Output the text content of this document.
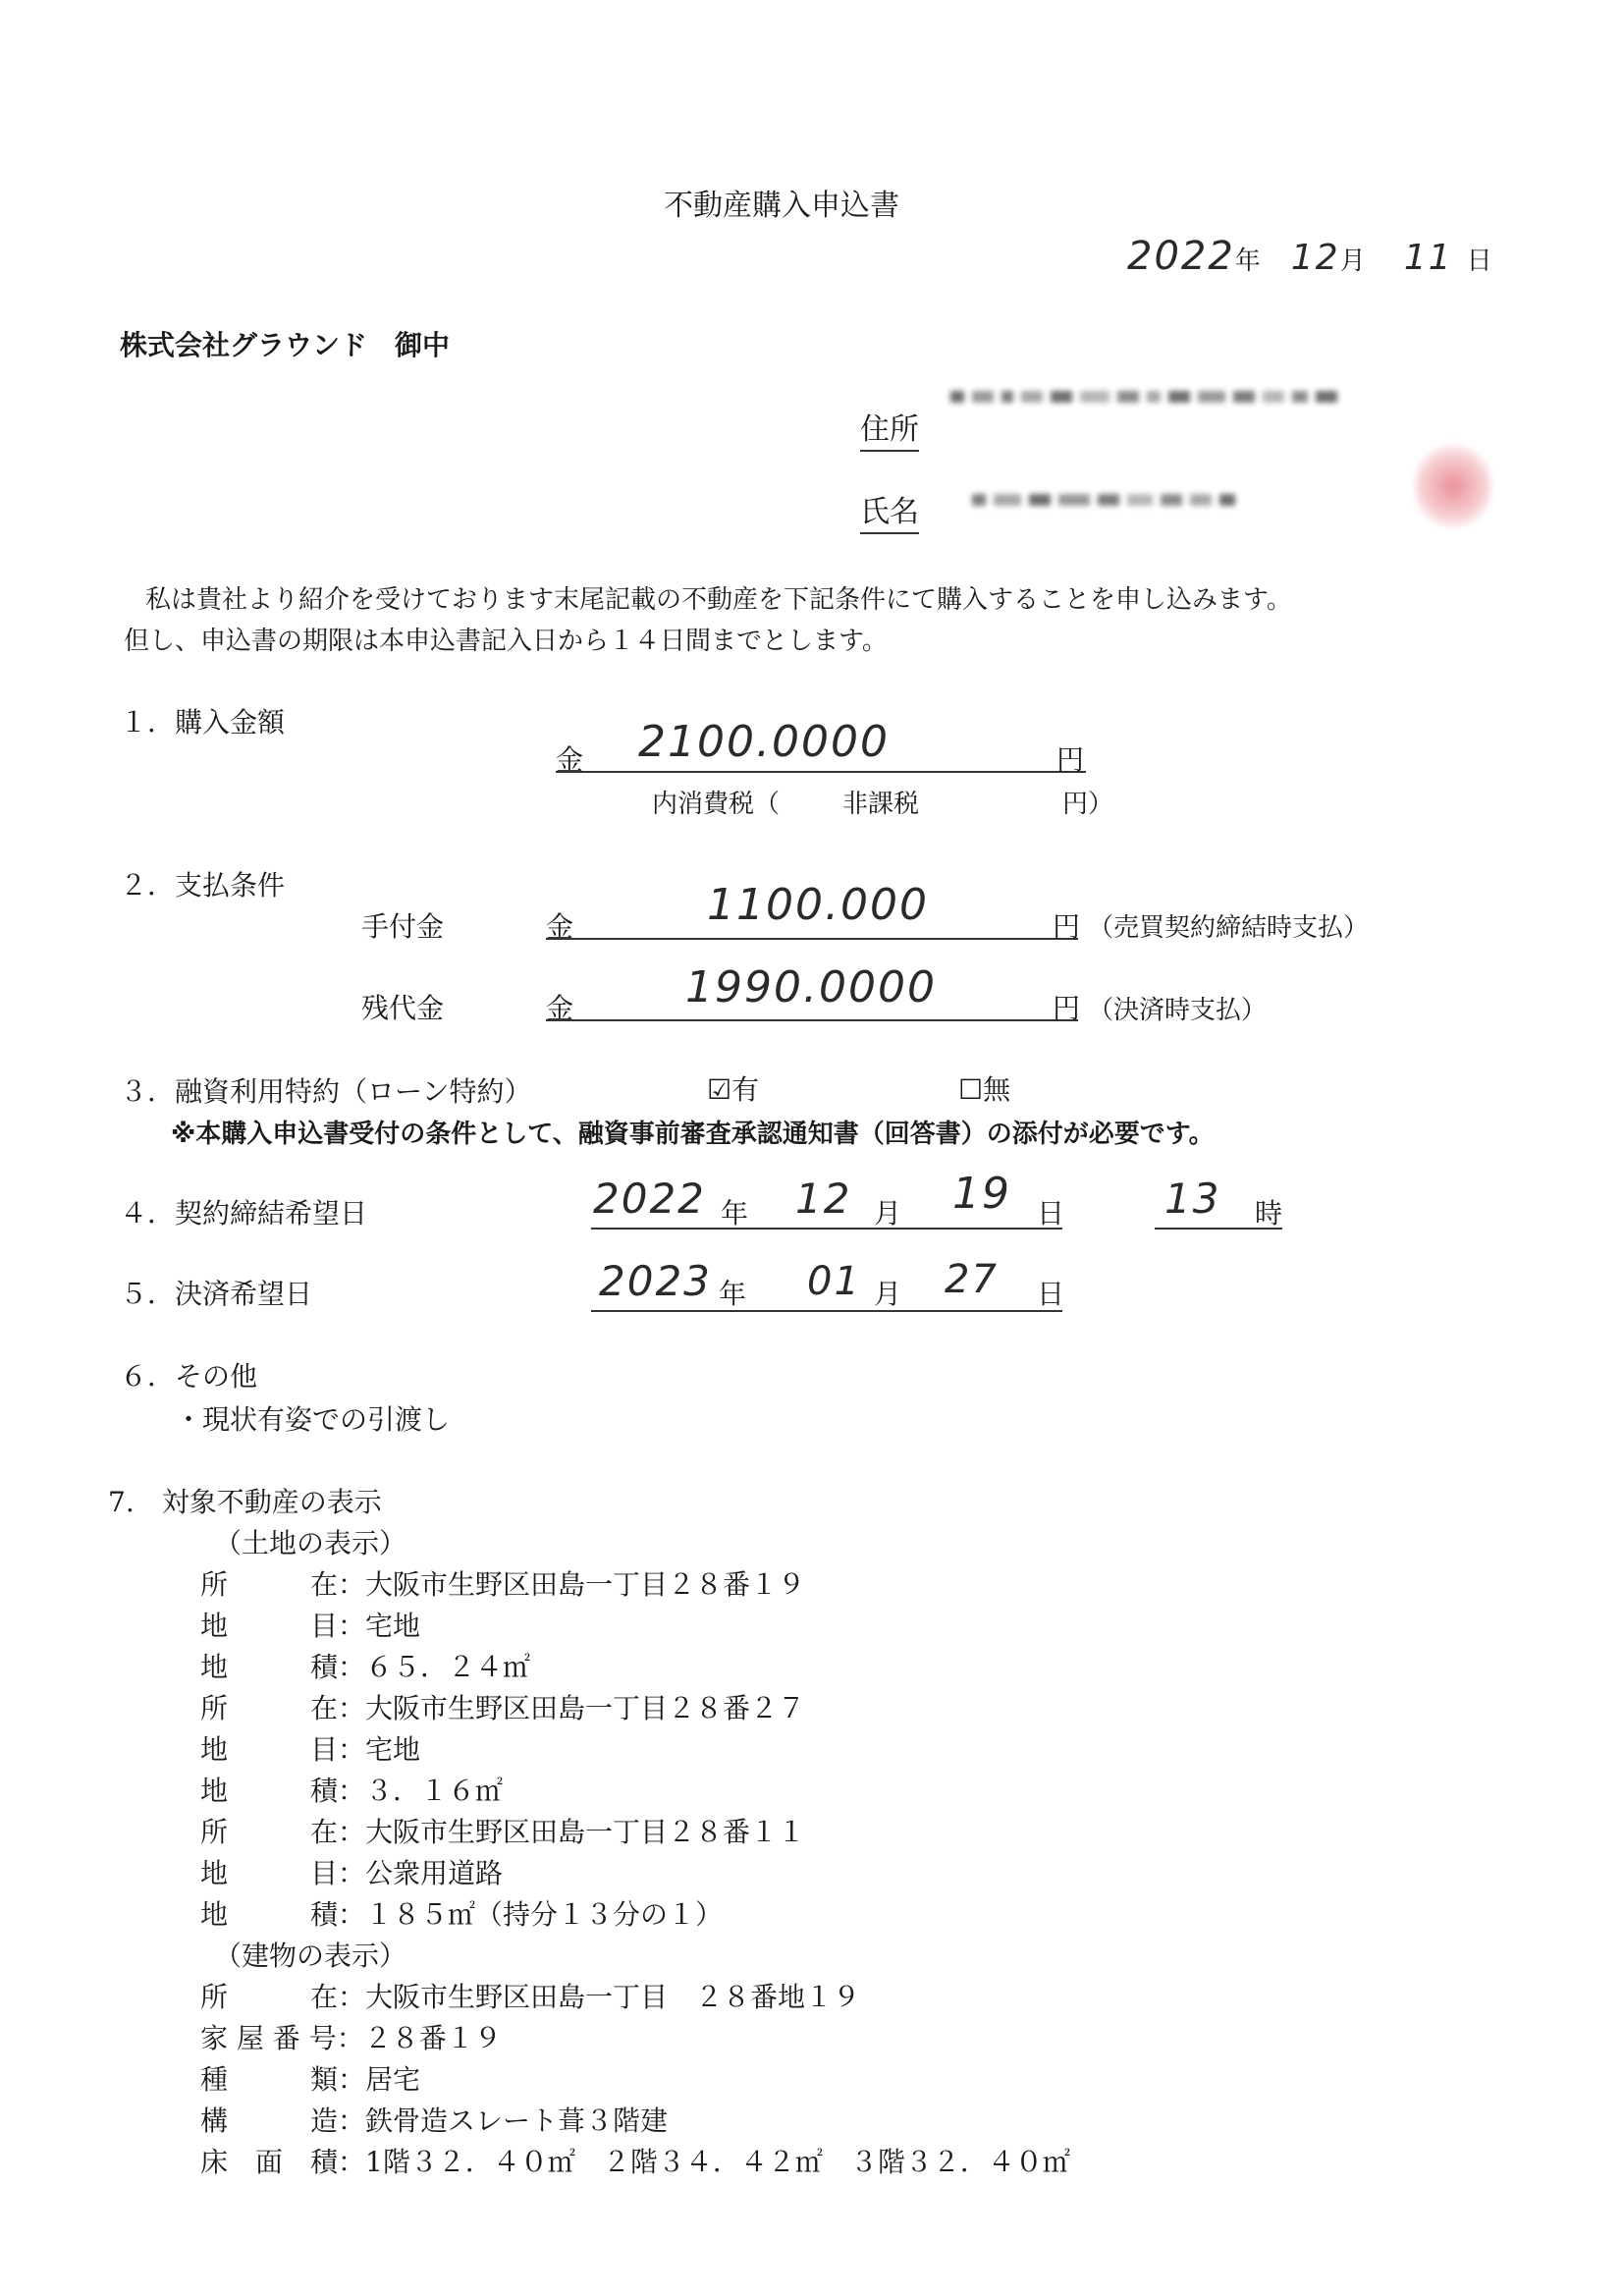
不動産購入申込書
2022年 12月 11 日
株式会社グラウンド　御中
住所
氏名
私は貴社より紹介を受けております末尾記載の不動産を下記条件にて購入することを申し込みます。
但し、申込書の期限は本申込書記入日から１４日間までとします。
１．購入金額
金 2100.0000	円
内消費税（ 非課税	円）
２．支払条件
手付金	金	1100.000	円 （売買契約締結時支払）
残代金	金	1990.0000	円 （決済時支払）
３．融資利用特約（ローン特約）	☑有	☐無
※本購入申込書受付の条件として、融資事前審査承認通知書（回答書）の添付が必要です。
４．契約締結希望日	2022 年 12 月 19 日 13 時
５．決済希望日	2023 年 01 月 27 日
６．その他
・現状有姿での引渡し
7.　対象不動産の表示
（土地の表示）
所　　　在：大阪市生野区田島一丁目２８番１９
地　　　目：宅地
地　　　積：６５．２４㎡
所　　　在：大阪市生野区田島一丁目２８番２７
地　　　目：宅地
地　　　積：３．１６㎡
所　　　在：大阪市生野区田島一丁目２８番１１
地　　　目：公衆用道路
地　　　積：１８５㎡（持分１３分の１）
（建物の表示）
所　　　在：大阪市生野区田島一丁目　２８番地１９
家 屋 番 号：２８番１９
種　　　類：居宅
構　　　造：鉄骨造スレート葺３階建
床　面　積：1階３２．４０㎡　２階３４．４２㎡　３階３２．４０㎡
